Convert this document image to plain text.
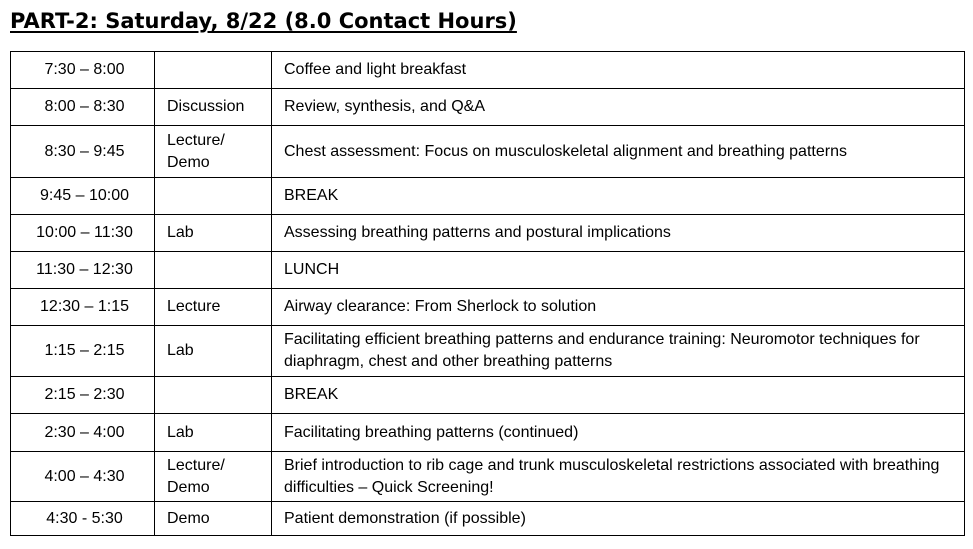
PART-2: Saturday, 8/22 (8.0 Contact Hours)
7:30 – 8:00		Coffee and light breakfast
8:00 – 8:30	Discussion	Review, synthesis, and Q&A
8:30 – 9:45	Lecture/ Demo	Chest assessment: Focus on musculoskeletal alignment and breathing patterns
9:45 – 10:00		BREAK
10:00 – 11:30	Lab	Assessing breathing patterns and postural implications
11:30 – 12:30		LUNCH
12:30 – 1:15	Lecture	Airway clearance: From Sherlock to solution
1:15 – 2:15	Lab	Facilitating efficient breathing patterns and endurance training: Neuromotor techniques for diaphragm, chest and other breathing patterns
2:15 – 2:30		BREAK
2:30 – 4:00	Lab	Facilitating breathing patterns (continued)
4:00 – 4:30	Lecture/ Demo	Brief introduction to rib cage and trunk musculoskeletal restrictions associated with breathing difficulties – Quick Screening!
4:30 - 5:30	Demo	Patient demonstration (if possible)
